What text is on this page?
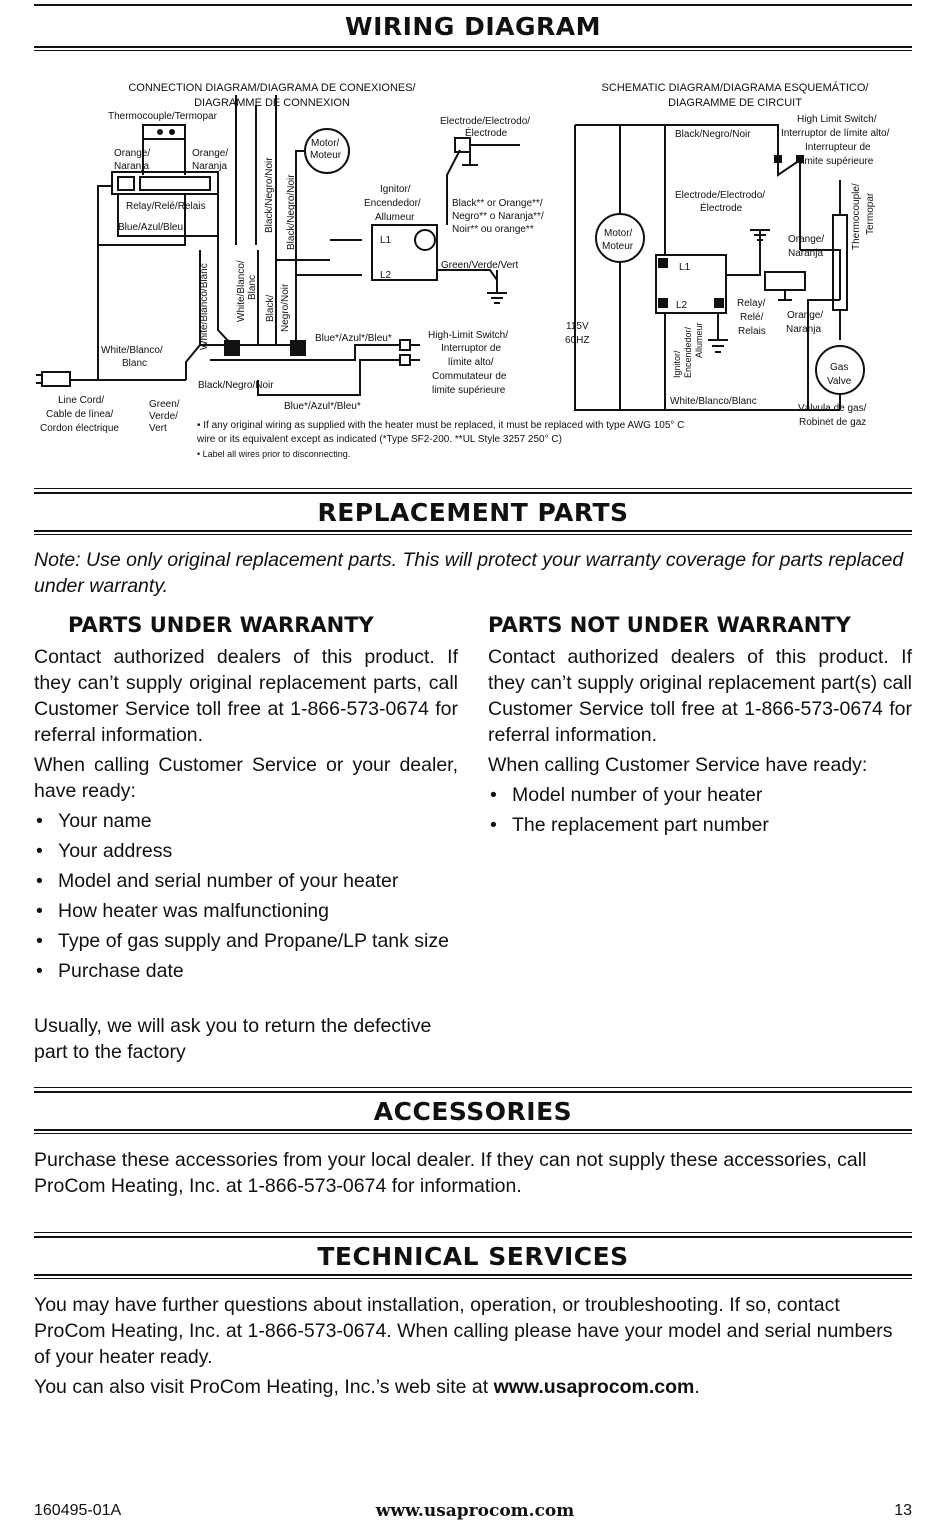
WIRING DIAGRAM
CONNECTION DIAGRAM/DIAGRAMA DE CONEXIONES/
DIAGRAMME DE CONNEXION
Thermocouple/Termopar
Orange/
Naranja
Orange/
Naranja
Relay/Relé/Relais
Blue/Azul/Bleu
White/Blanco/
Blanc
White/Blanco/Blanc	White/Blanco/ Blanc
Black/Negro/Noir Black/Negro/Noir
Black/ Negro/Noir
Motor/
Moteur
Electrode/Electrodo/
Électrode
Ignitor/
Encendedor/
Allumeur
L1
L2
Black** or Orange**/
Negro** o Naranja**/
Noir** ou orange**
Green/Verde/Vert
Blue*/Azul*/Bleu*	High-Limit Switch/
Interruptor de
límite alto/
Commutateur de
limite supérieure
Black/Negro/Noir
Blue*/Azul*/Bleu*
Line Cord/
Cable de línea/
Cordon électrique
Green/
Verde/
Vert	• If any original wiring as supplied with the heater must be replaced, it must be replaced with type AWG 105° C
wire or its equivalent except as indicated (*Type SF2-200. **UL Style 3257 250° C)
• Label all wires prior to disconnecting.
SCHEMATIC DIAGRAM/DIAGRAMA ESQUEMÁTICO/
DIAGRAMME DE CIRCUIT
Black/Negro/Noir
High Limit Switch/
Interruptor de límite alto/
Interrupteur de
limite supérieure
Electrode/Electrodo/
Électrode
Motor/
Moteur
Orange/
Naranja
Orange/
Naranja
Thermocouple/ Termopar
115V
60HZ
L1
L2
Ignitor/ Encendedor/ Allumeur
Relay/
Relé/
Relais
White/Blanco/Blanc
Gas
Valve
Válvula de gas/
Robinet de gaz
REPLACEMENT PARTS
Note: Use only original replacement parts. This will protect your warranty coverage for parts replaced under warranty.
PARTS UNDER WARRANTY
Contact authorized dealers of this product. If they can’t supply original replacement parts, call Customer Service toll free at 1-866-573-0674 for referral information.
When calling Customer Service or your dealer, have ready:
• Your name
• Your address
• Model and serial number of your heater
• How heater was malfunctioning
• Type of gas supply and Propane/LP tank size
• Purchase date
Usually, we will ask you to return the defective part to the factory
PARTS NOT UNDER WARRANTY
Contact authorized dealers of this product. If they can’t supply original replacement part(s) call Customer Service toll free at 1-866-573-0674 for referral information.
When calling Customer Service have ready:
• Model number of your heater
• The replacement part number
ACCESSORIES
Purchase these accessories from your local dealer. If they can not supply these accessories, call ProCom Heating, Inc. at 1-866-573-0674 for information.
TECHNICAL SERVICES
You may have further questions about installation, operation, or troubleshooting. If so, contact ProCom Heating, Inc. at 1-866-573-0674. When calling please have your model and serial numbers of your heater ready.
You can also visit ProCom Heating, Inc.’s web site at www.usaprocom.com.
160495-01A	www.usaprocom.com	13
